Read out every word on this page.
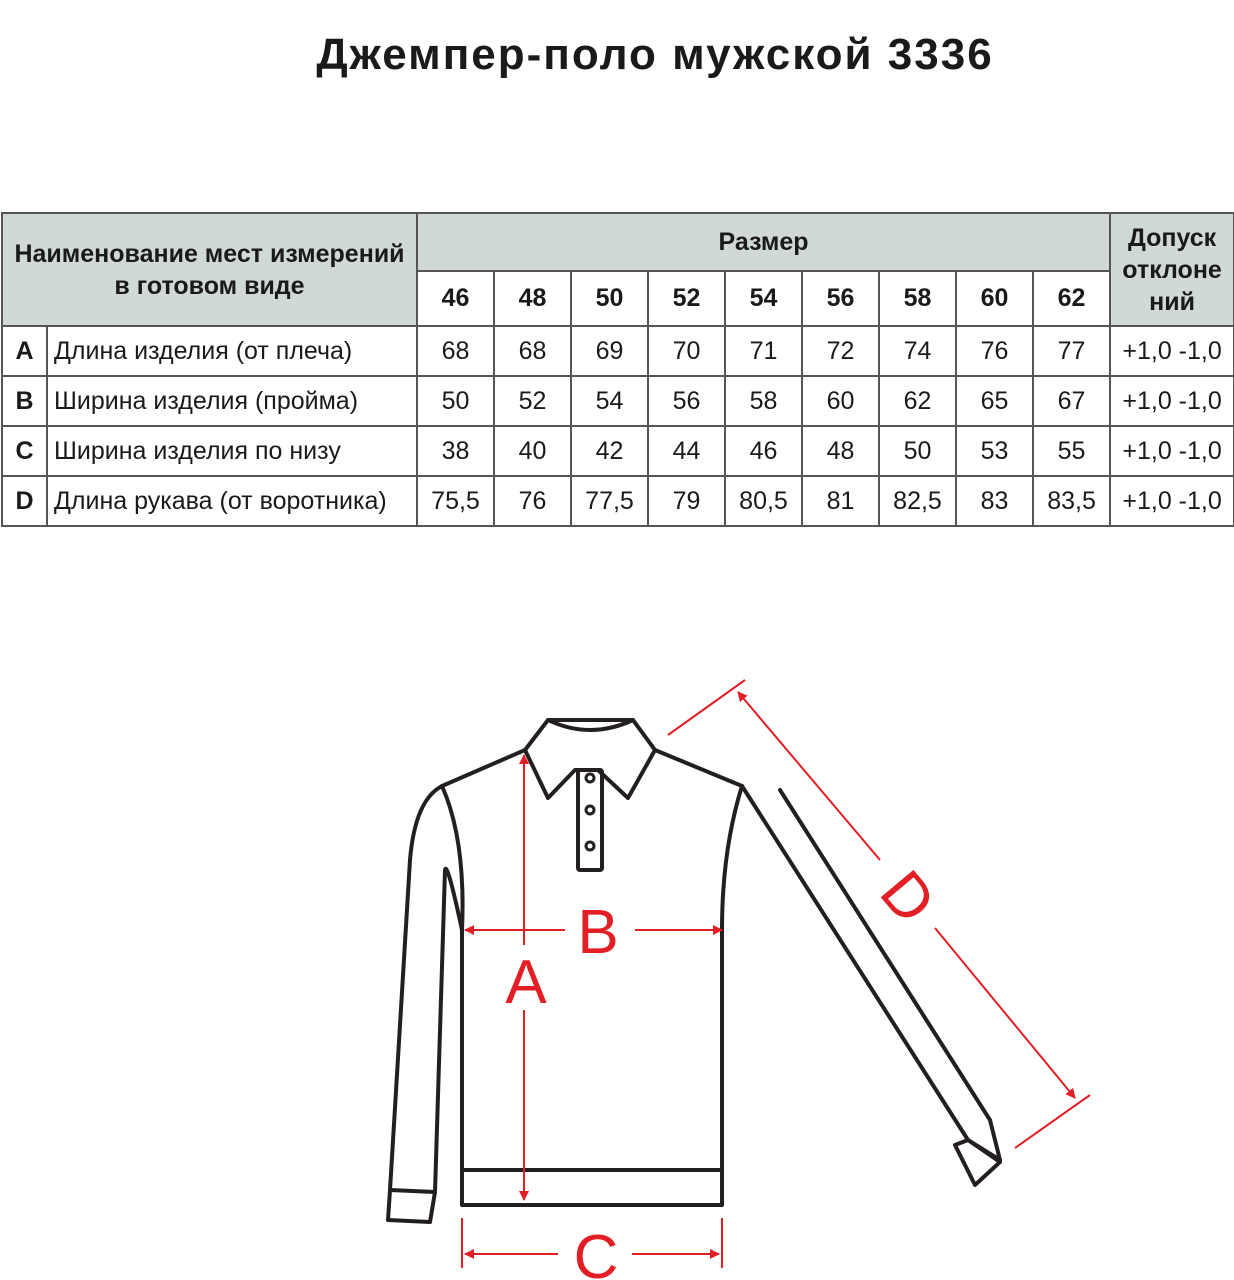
Джемпер-поло мужской 3336
Наименование мест измерений
в готовом виде		Размер									Допуск
отклоне
ний
		46	48	50	52	54	56	58	60	62	
A	Длина изделия (от плеча)	68	68	69	70	71	72	74	76	77	+1,0 -1,0
B	Ширина изделия (пройма)	50	52	54	56	58	60	62	65	67	+1,0 -1,0
C	Ширина изделия по низу	38	40	42	44	46	48	50	53	55	+1,0 -1,0
D	Длина рукава (от воротника)	75,5	76	77,5	79	80,5	81	82,5	83	83,5	+1,0 -1,0
A
B
C
D
